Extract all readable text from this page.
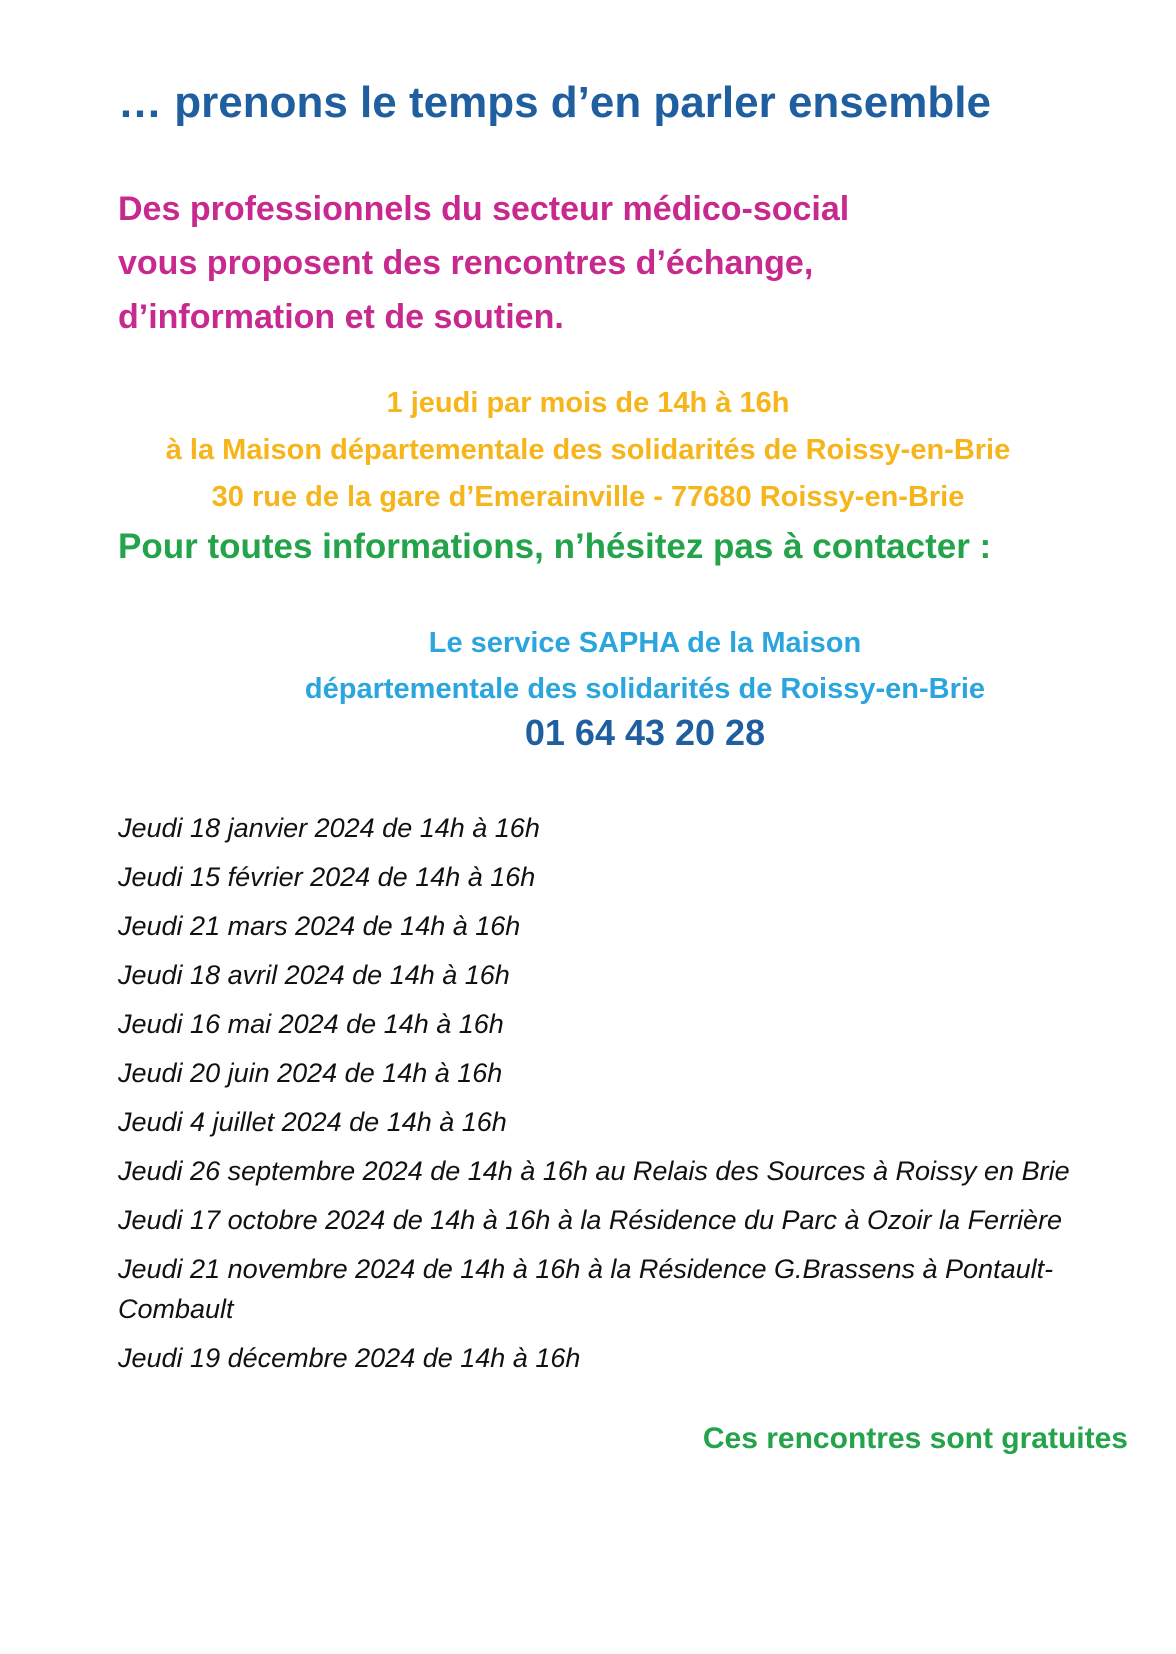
… prenons le temps d’en parler ensemble
Des professionnels du secteur médico-social
vous proposent des rencontres d’échange,
d’information et de soutien.
1 jeudi par mois de 14h à 16h
à la Maison départementale des solidarités de Roissy-en-Brie
30 rue de la gare d’Emerainville - 77680 Roissy-en-Brie
Pour toutes informations, n’hésitez pas à contacter :
Le service SAPHA de la Maison
départementale des solidarités de Roissy-en-Brie
01 64 43 20 28
Jeudi 18 janvier 2024 de 14h à 16h
Jeudi 15 février 2024 de 14h à 16h
Jeudi 21 mars 2024 de 14h à 16h
Jeudi 18 avril 2024 de 14h à 16h
Jeudi 16 mai 2024 de 14h à 16h
Jeudi 20 juin 2024 de 14h à 16h
Jeudi 4 juillet 2024 de 14h à 16h
Jeudi 26 septembre 2024 de 14h à 16h au Relais des Sources à Roissy en Brie
Jeudi 17 octobre 2024 de 14h à 16h à la Résidence du Parc à Ozoir la Ferrière
Jeudi 21 novembre 2024 de 14h à 16h à la Résidence G.Brassens à Pontault-Combault
Jeudi 19 décembre 2024 de 14h à 16h
Ces rencontres sont gratuites
